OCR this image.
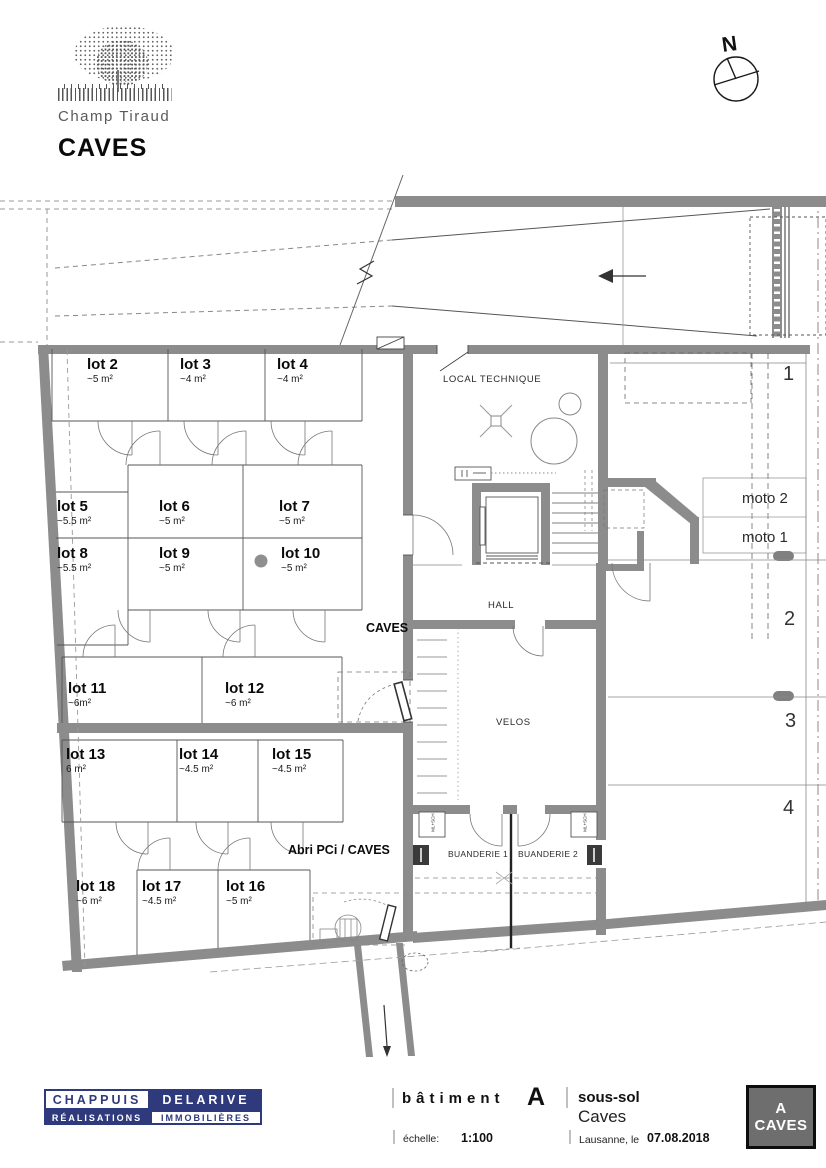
Champ Tiraud
CAVES
N
lot 2
~5 m²
lot 3
~4 m²
lot 4
~4 m²
lot 5
~5.5 m²
lot 6
~5 m²
lot 7
~5 m²
lot 8
~5.5 m²
lot 9
~5 m²
lot 10
~5 m²
lot 11
~6m²
lot 12
~6 m²
lot 13
6 m²
lot 14
~4.5 m²
lot 15
~4.5 m²
lot 16
~5 m²
lot 17
~4.5 m²
lot 18
~6 m²
LOCAL TECHNIQUE
CAVES
Abri PCi / CAVES
HALL
VELOS
BUANDERIE 1 BUANDERIE 2
moto 2
moto 1
1
2
3
4
ML+SCH	ML+SCH
CHAPPUIS	DELARIVE
RÉALISATIONS	IMMOBILIÈRES
bâtiment A sous-sol
Caves
échelle: 1:100	Lausanne, le 07.08.2018
A
CAVES
